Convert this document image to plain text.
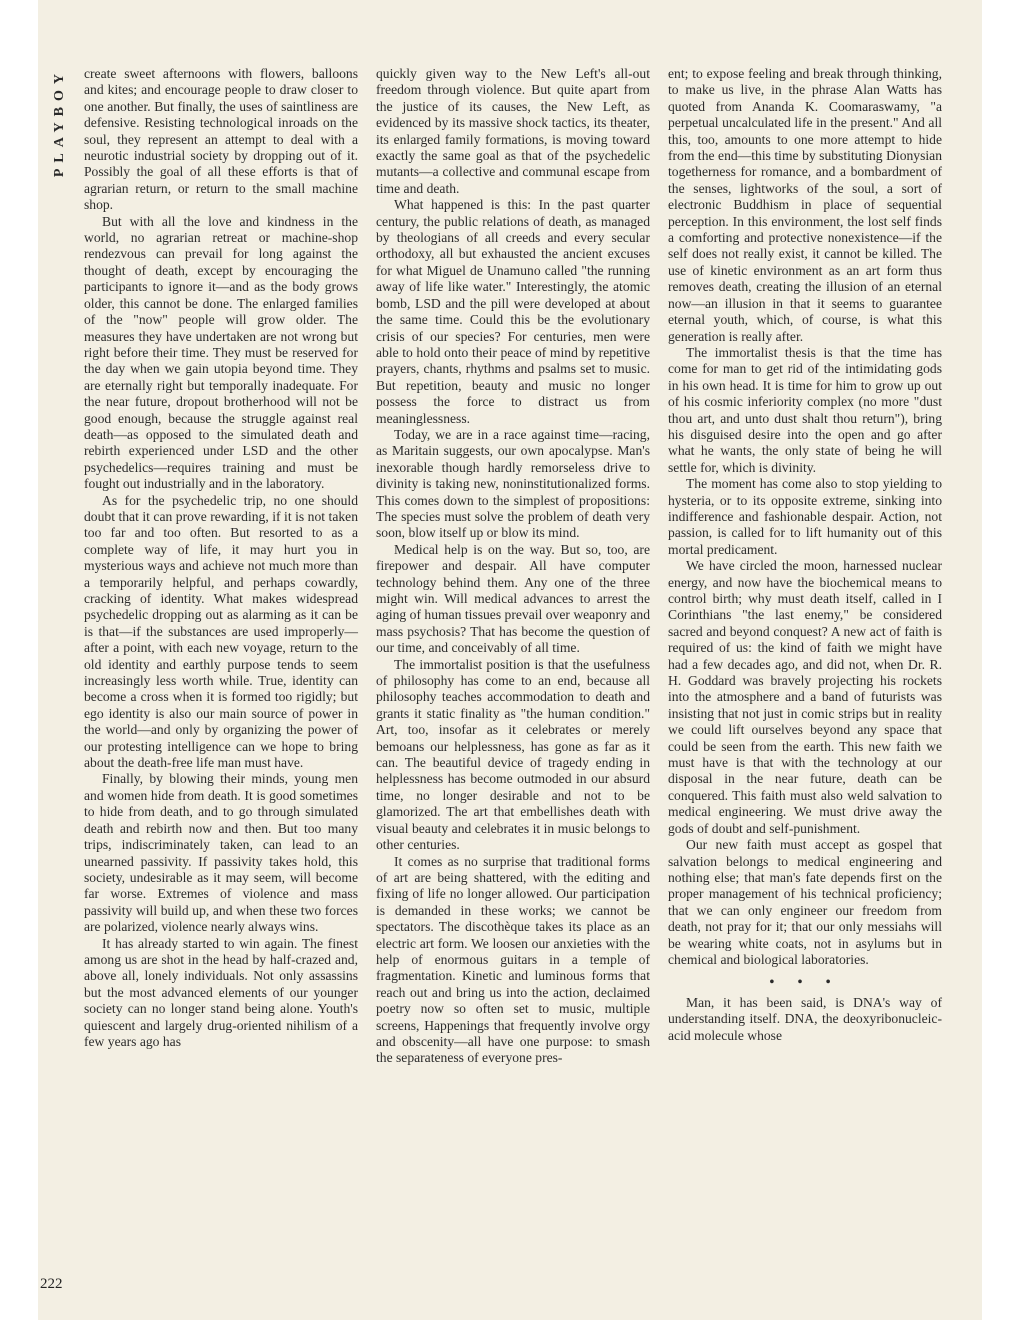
PLAYBOY create sweet afternoons with flowers, balloons and kites; and encourage people to draw closer to one another. But finally, the uses of saintliness are defensive. Resisting technological inroads on the soul, they represent an attempt to deal with a neurotic industrial society by dropping out of it. Possibly the goal of all these efforts is that of agrarian return, or return to the small machine shop.

But with all the love and kindness in the world, no agrarian retreat or machine-shop rendezvous can prevail for long against the thought of death, except by encouraging the participants to ignore it—and as the body grows older, this cannot be done. The enlarged families of the "now" people will grow older. The measures they have undertaken are not wrong but right before their time. They must be reserved for the day when we gain utopia beyond time. They are eternally right but temporally inadequate. For the near future, dropout brotherhood will not be good enough, because the struggle against real death—as opposed to the simulated death and rebirth experienced under LSD and the other psychedelics—requires training and must be fought out industrially and in the laboratory.

As for the psychedelic trip, no one should doubt that it can prove rewarding, if it is not taken too far and too often. But resorted to as a complete way of life, it may hurt you in mysterious ways and achieve not much more than a temporarily helpful, and perhaps cowardly, cracking of identity. What makes widespread psychedelic dropping out as alarming as it can be is that—if the substances are used improperly—after a point, with each new voyage, return to the old identity and earthly purpose tends to seem increasingly less worth while. True, identity can become a cross when it is formed too rigidly; but ego identity is also our main source of power in the world—and only by organizing the power of our protesting intelligence can we hope to bring about the death-free life man must have.

Finally, by blowing their minds, young men and women hide from death. It is good sometimes to hide from death, and to go through simulated death and rebirth now and then. But too many trips, indiscriminately taken, can lead to an unearned passivity. If passivity takes hold, this society, undesirable as it may seem, will become far worse. Extremes of violence and mass passivity will build up, and when these two forces are polarized, violence nearly always wins.

It has already started to win again. The finest among us are shot in the head by half-crazed and, above all, lonely individuals. Not only assassins but the most advanced elements of our younger society can no longer stand being alone. Youth's quiescent and largely drug-oriented nihilism of a few years ago has

quickly given way to the New Left's all-out freedom through violence. But quite apart from the justice of its causes, the New Left, as evidenced by its massive shock tactics, its theater, its enlarged family formations, is moving toward exactly the same goal as that of the psychedelic mutants—a collective and communal escape from time and death.

What happened is this: In the past quarter century, the public relations of death, as managed by theologians of all creeds and every secular orthodoxy, all but exhausted the ancient excuses for what Miguel de Unamuno called "the running away of life like water." Interestingly, the atomic bomb, LSD and the pill were developed at about the same time. Could this be the evolutionary crisis of our species? For centuries, men were able to hold onto their peace of mind by repetitive prayers, chants, rhythms and psalms set to music. But repetition, beauty and music no longer possess the force to distract us from meaninglessness.

Today, we are in a race against time—racing, as Maritain suggests, our own apocalypse. Man's inexorable though hardly remorseless drive to divinity is taking new, noninstitutionalized forms. This comes down to the simplest of propositions: The species must solve the problem of death very soon, blow itself up or blow its mind.

Medical help is on the way. But so, too, are firepower and despair. All have computer technology behind them. Any one of the three might win. Will medical advances to arrest the aging of human tissues prevail over weaponry and mass psychosis? That has become the question of our time, and conceivably of all time.

The immortalist position is that the usefulness of philosophy has come to an end, because all philosophy teaches accommodation to death and grants it static finality as "the human condition." Art, too, insofar as it celebrates or merely bemoans our helplessness, has gone as far as it can. The beautiful device of tragedy ending in helplessness has become outmoded in our absurd time, no longer desirable and not to be glamorized. The art that embellishes death with visual beauty and celebrates it in music belongs to other centuries.

It comes as no surprise that traditional forms of art are being shattered, with the editing and fixing of life no longer allowed. Our participation is demanded in these works; we cannot be spectators. The discothèque takes its place as an electric art form. We loosen our anxieties with the help of enormous guitars in a temple of fragmentation. Kinetic and luminous forms that reach out and bring us into the action, declaimed poetry now so often set to music, multiple screens, Happenings that frequently involve orgy and obscenity—all have one purpose: to smash the separateness of everyone pres-

ent; to expose feeling and break through thinking, to make us live, in the phrase Alan Watts has quoted from Ananda K. Coomaraswamy, "a perpetual uncalculated life in the present." And all this, too, amounts to one more attempt to hide from the end—this time by substituting Dionysian togetherness for romance, and a bombardment of the senses, lightworks of the soul, a sort of electronic Buddhism in place of sequential perception. In this environment, the lost self finds a comforting and protective nonexistence—if the self does not really exist, it cannot be killed. The use of kinetic environment as an art form thus removes death, creating the illusion of an eternal now—an illusion in that it seems to guarantee eternal youth, which, of course, is what this generation is really after.

The immortalist thesis is that the time has come for man to get rid of the intimidating gods in his own head. It is time for him to grow up out of his cosmic inferiority complex (no more "dust thou art, and unto dust shalt thou return"), bring his disguised desire into the open and go after what he wants, the only state of being he will settle for, which is divinity.

The moment has come also to stop yielding to hysteria, or to its opposite extreme, sinking into indifference and fashionable despair. Action, not passion, is called for to lift humanity out of this mortal predicament.

We have circled the moon, harnessed nuclear energy, and now have the biochemical means to control birth; why must death itself, called in I Corinthians "the last enemy," be considered sacred and beyond conquest? A new act of faith is required of us: the kind of faith we might have had a few decades ago, and did not, when Dr. R. H. Goddard was bravely projecting his rockets into the atmosphere and a band of futurists was insisting that not just in comic strips but in reality we could lift ourselves beyond any space that could be seen from the earth. This new faith we must have is that with the technology at our disposal in the near future, death can be conquered. This faith must also weld salvation to medical engineering. We must drive away the gods of doubt and self-punishment.

Our new faith must accept as gospel that salvation belongs to medical engineering and nothing else; that man's fate depends first on the proper management of his technical proficiency; that we can only engineer our freedom from death, not pray for it; that our only messiahs will be wearing white coats, not in asylums but in chemical and biological laboratories.

• • •

Man, it has been said, is DNA's way of understanding itself. DNA, the deoxyribonucleic-acid molecule whose

222
